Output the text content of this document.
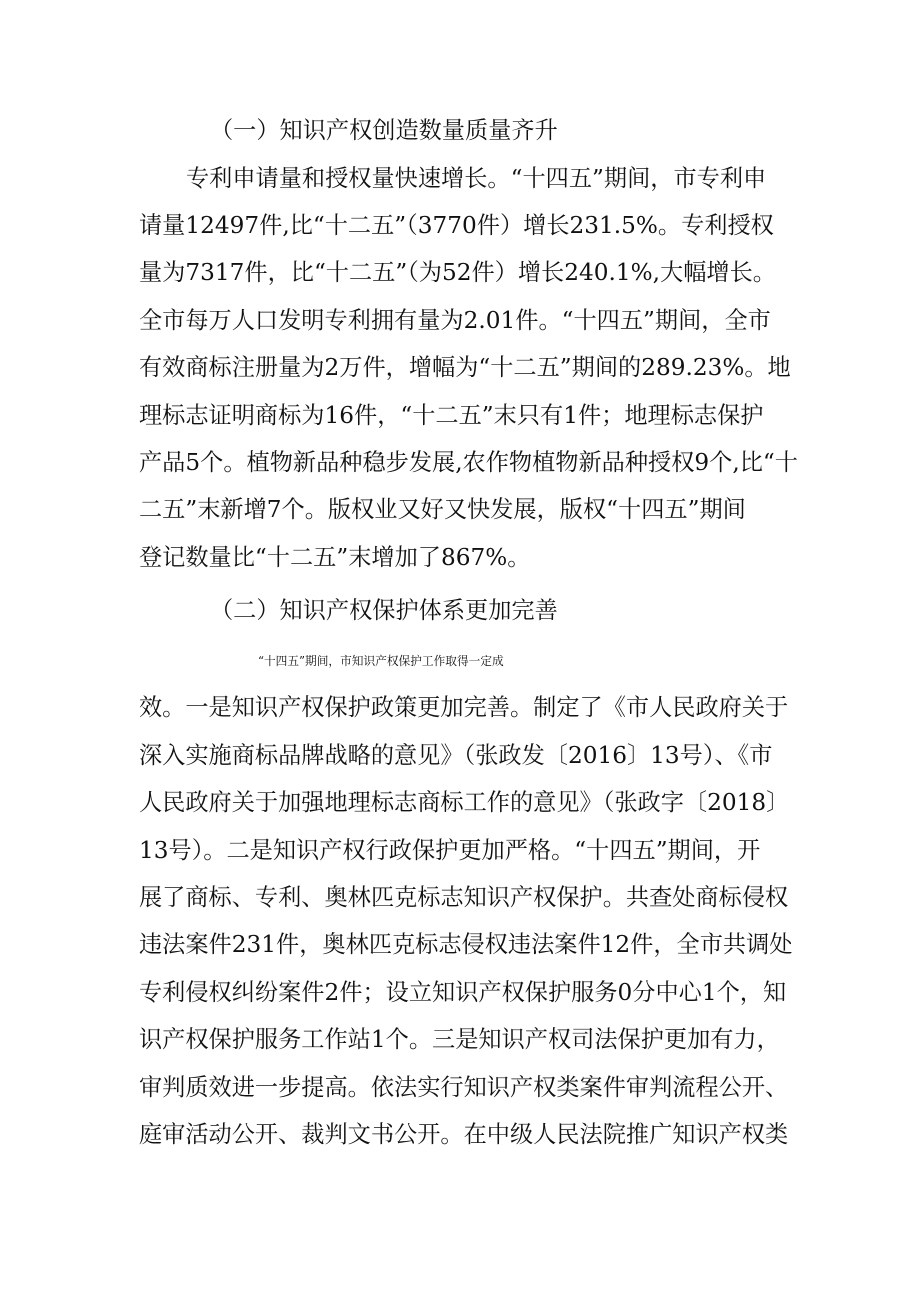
（一）知识产权创造数量质量齐升
专利申请量和授权量快速增长。“十四五”期间，市专利申
请量12497件,比“十二五”（3770件）增长231.5%。专利授权
量为7317件，比“十二五”（为52件）增长240.1%,大幅增长。
全市每万人口发明专利拥有量为2.01件。“十四五”期间，全市
有效商标注册量为2万件，增幅为“十二五”期间的289.23%。地
理标志证明商标为16件，“十二五”末只有1件；地理标志保护
产品5个。植物新品种稳步发展,农作物植物新品种授权9个,比“十
二五”末新增7个。版权业又好又快发展，版权“十四五”期间
登记数量比“十二五”末增加了867%。
（二）知识产权保护体系更加完善
“十四五”期间，市知识产权保护工作取得一定成
效。一是知识产权保护政策更加完善。制定了《市人民政府关于
深入实施商标品牌战略的意见》（张政发〔2016〕13号）、《市
人民政府关于加强地理标志商标工作的意见》（张政字〔2018〕
13号）。二是知识产权行政保护更加严格。“十四五”期间，开
展了商标、专利、奥林匹克标志知识产权保护。共查处商标侵权
违法案件231件，奥林匹克标志侵权违法案件12件，全市共调处
专利侵权纠纷案件2件；设立知识产权保护服务0分中心1个，知
识产权保护服务工作站1个。三是知识产权司法保护更加有力，
审判质效进一步提高。依法实行知识产权类案件审判流程公开、
庭审活动公开、裁判文书公开。在中级人民法院推广知识产权类
